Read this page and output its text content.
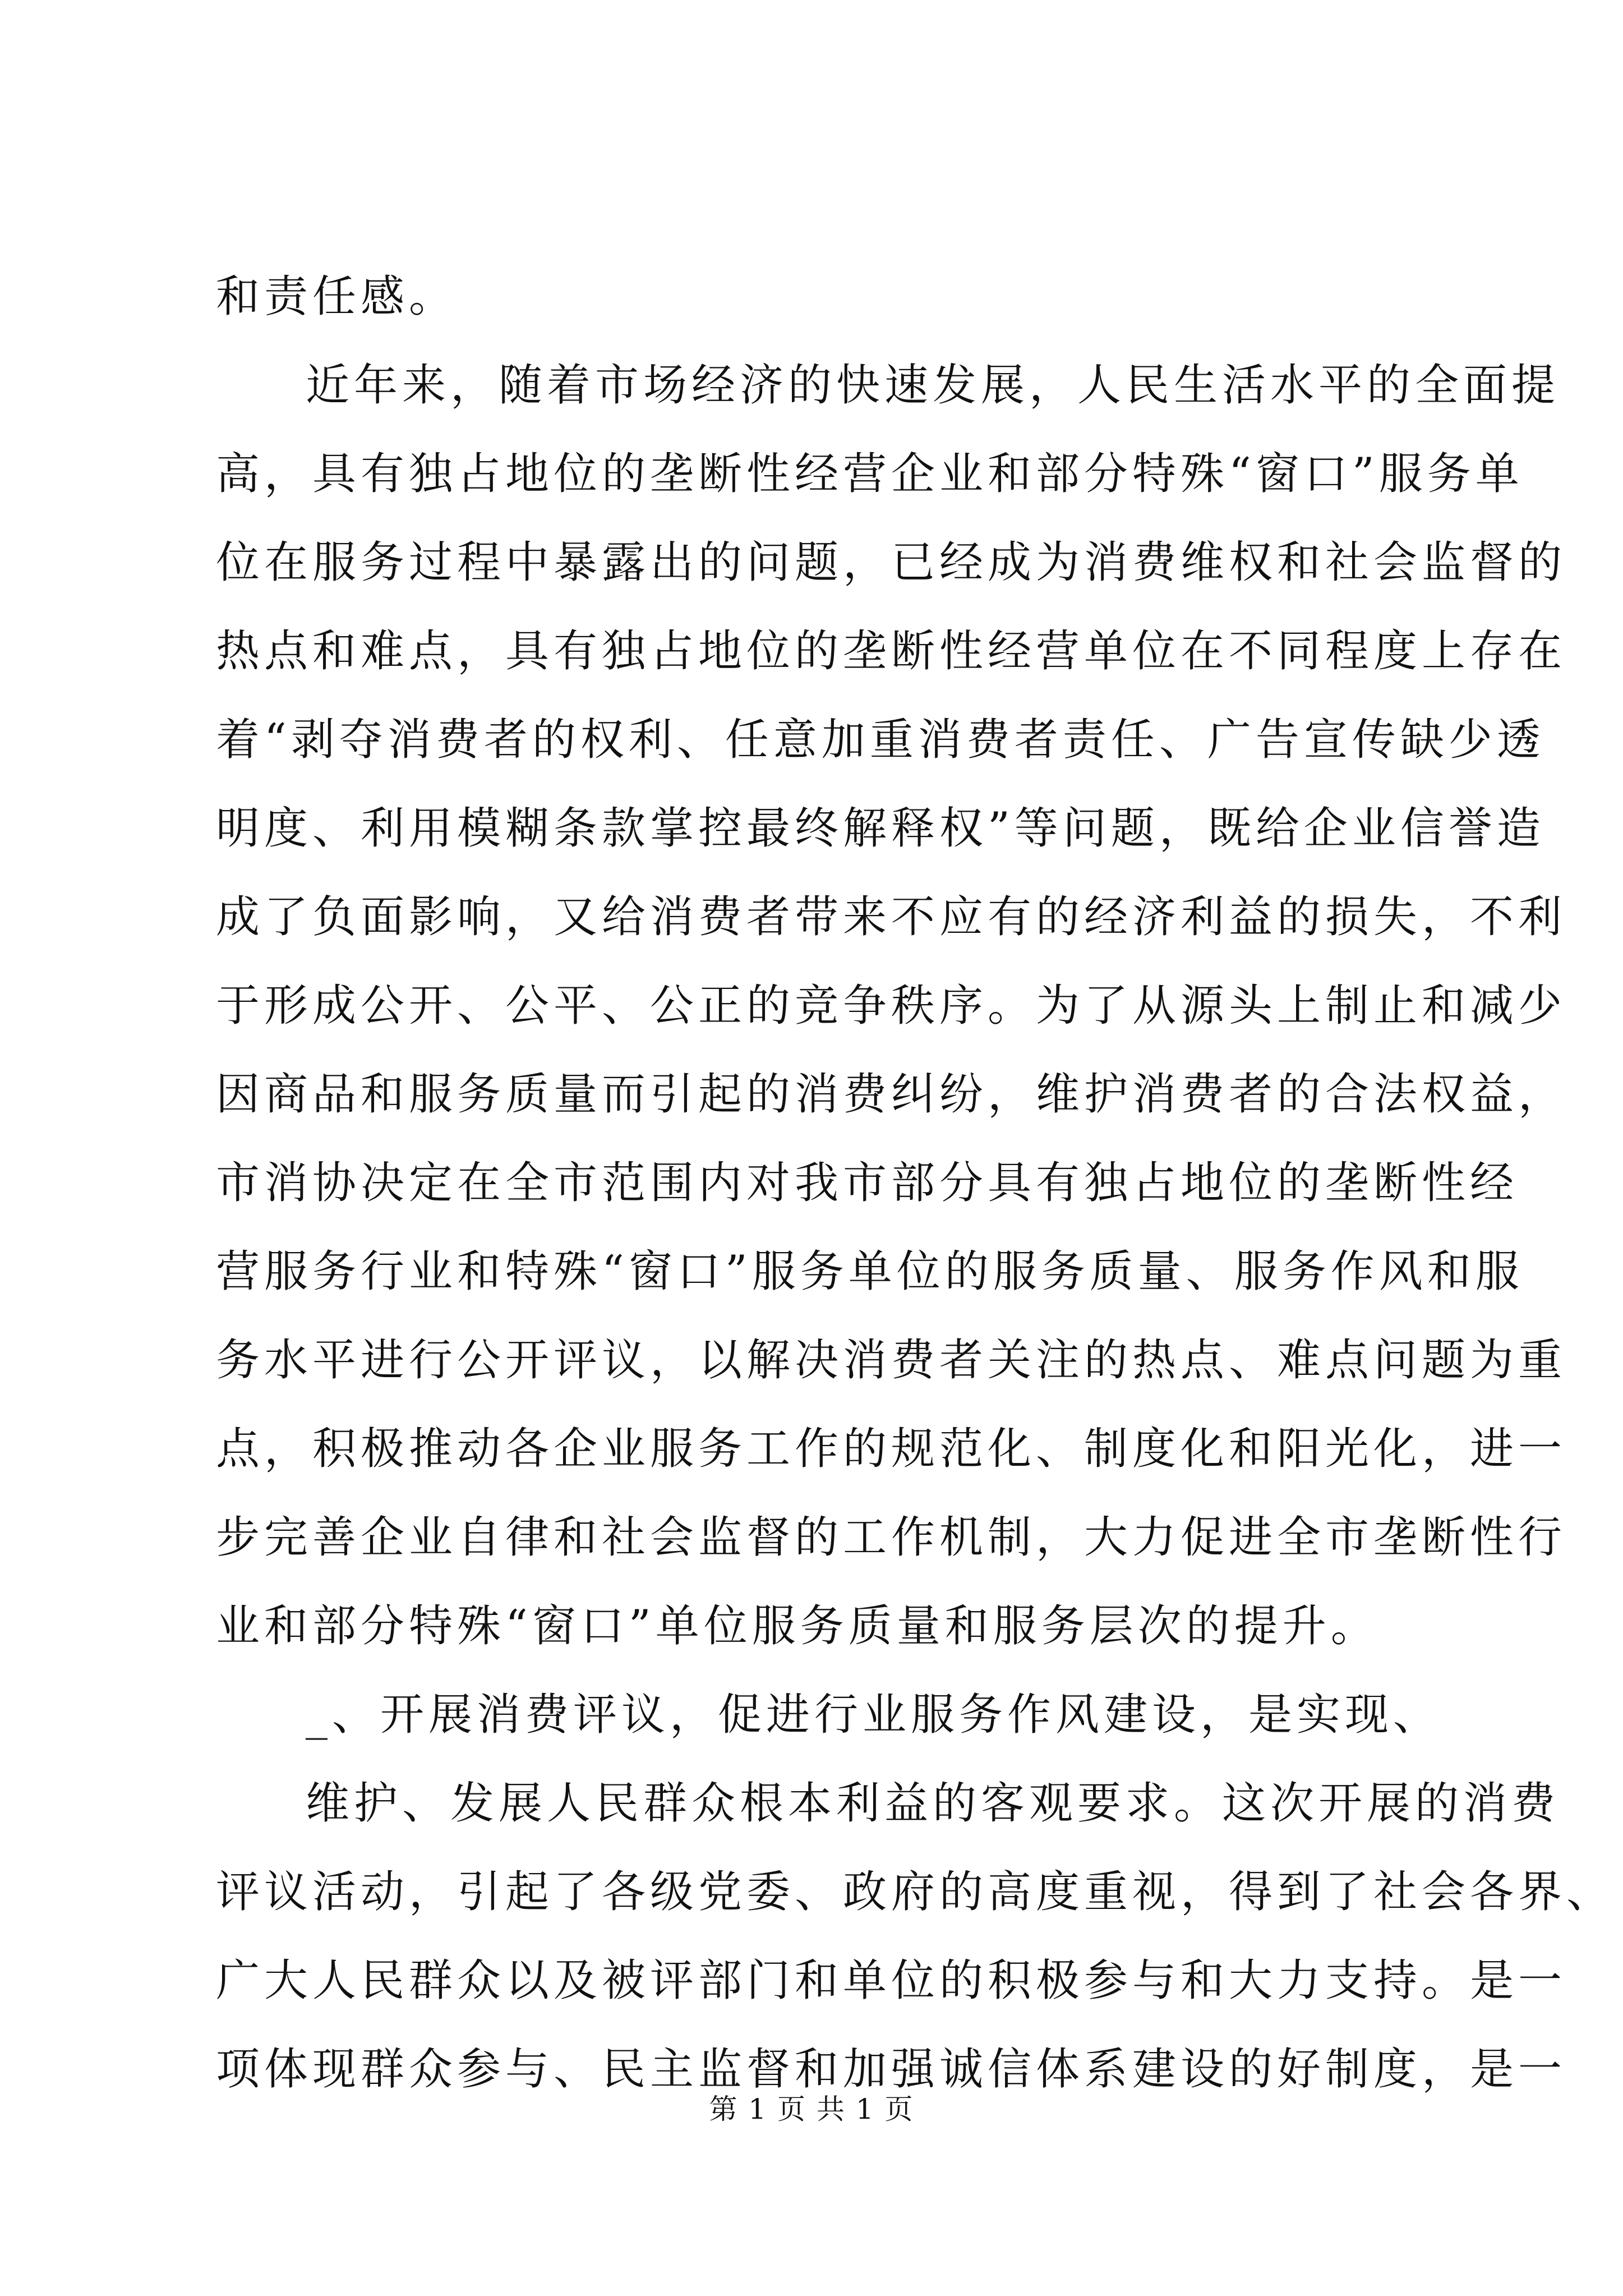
和责任感。
近年来，随着市场经济的快速发展，人民生活水平的全面提
高，具有独占地位的垄断性经营企业和部分特殊“窗口”服务单
位在服务过程中暴露出的问题，已经成为消费维权和社会监督的
热点和难点，具有独占地位的垄断性经营单位在不同程度上存在
着“剥夺消费者的权利、任意加重消费者责任、广告宣传缺少透
明度、利用模糊条款掌控最终解释权”等问题，既给企业信誉造
成了负面影响，又给消费者带来不应有的经济利益的损失，不利
于形成公开、公平、公正的竞争秩序。为了从源头上制止和减少
因商品和服务质量而引起的消费纠纷，维护消费者的合法权益，
市消协决定在全市范围内对我市部分具有独占地位的垄断性经
营服务行业和特殊“窗口”服务单位的服务质量、服务作风和服
务水平进行公开评议，以解决消费者关注的热点、难点问题为重
点，积极推动各企业服务工作的规范化、制度化和阳光化，进一
步完善企业自律和社会监督的工作机制，大力促进全市垄断性行
业和部分特殊“窗口”单位服务质量和服务层次的提升。
_、开展消费评议，促进行业服务作风建设，是实现、
维护、发展人民群众根本利益的客观要求。这次开展的消费
评议活动，引起了各级党委、政府的高度重视，得到了社会各界、
广大人民群众以及被评部门和单位的积极参与和大力支持。是一
项体现群众参与、民主监督和加强诚信体系建设的好制度，是一
第 1 页 共 1 页
